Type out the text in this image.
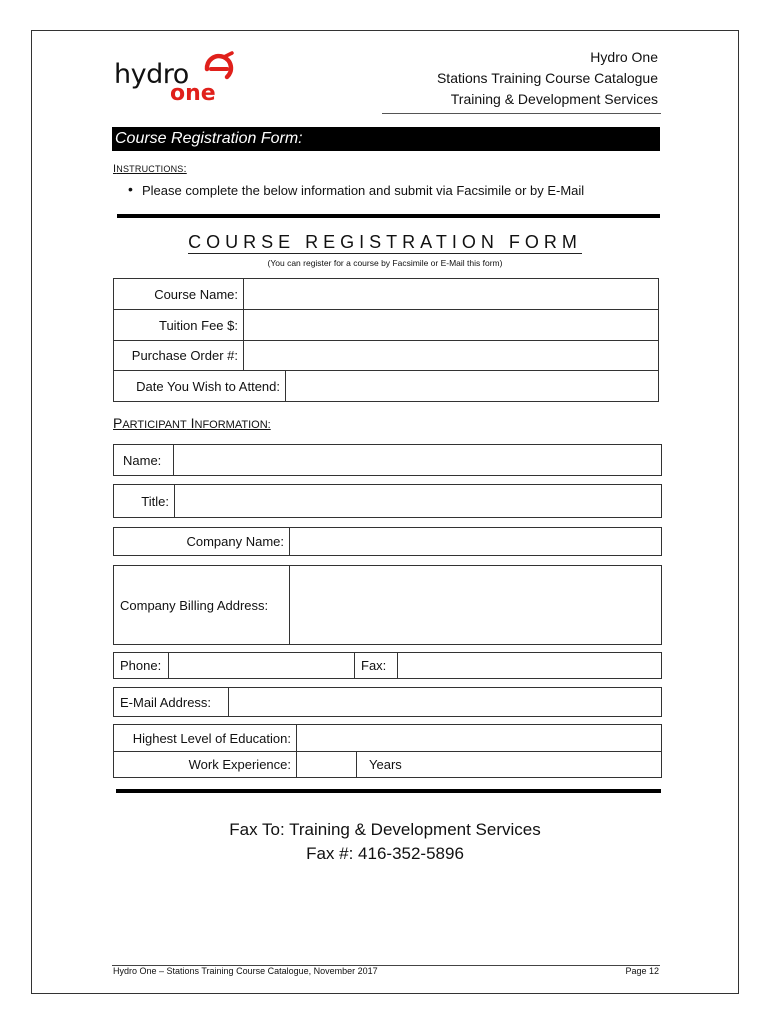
hydro
one
Hydro One
Stations Training Course Catalogue
Training & Development Services
Course Registration Form:
INSTRUCTIONS:
• Please complete the below information and submit via Facsimile or by E-Mail
COURSE REGISTRATION FORM
(You can register for a course by Facsimile or E-Mail this form)
Course Name:
Tuition Fee $:
Purchase Order #:
Date You Wish to Attend:
PARTICIPANT INFORMATION:
Name:
Title:
Company Name:
Company Billing Address:
Phone:	Fax:
E-Mail Address:
Highest Level of Education:
Work Experience:	Years
Fax To: Training & Development Services
Fax #: 416-352-5896
Hydro One – Stations Training Course Catalogue, November 2017	Page 12
